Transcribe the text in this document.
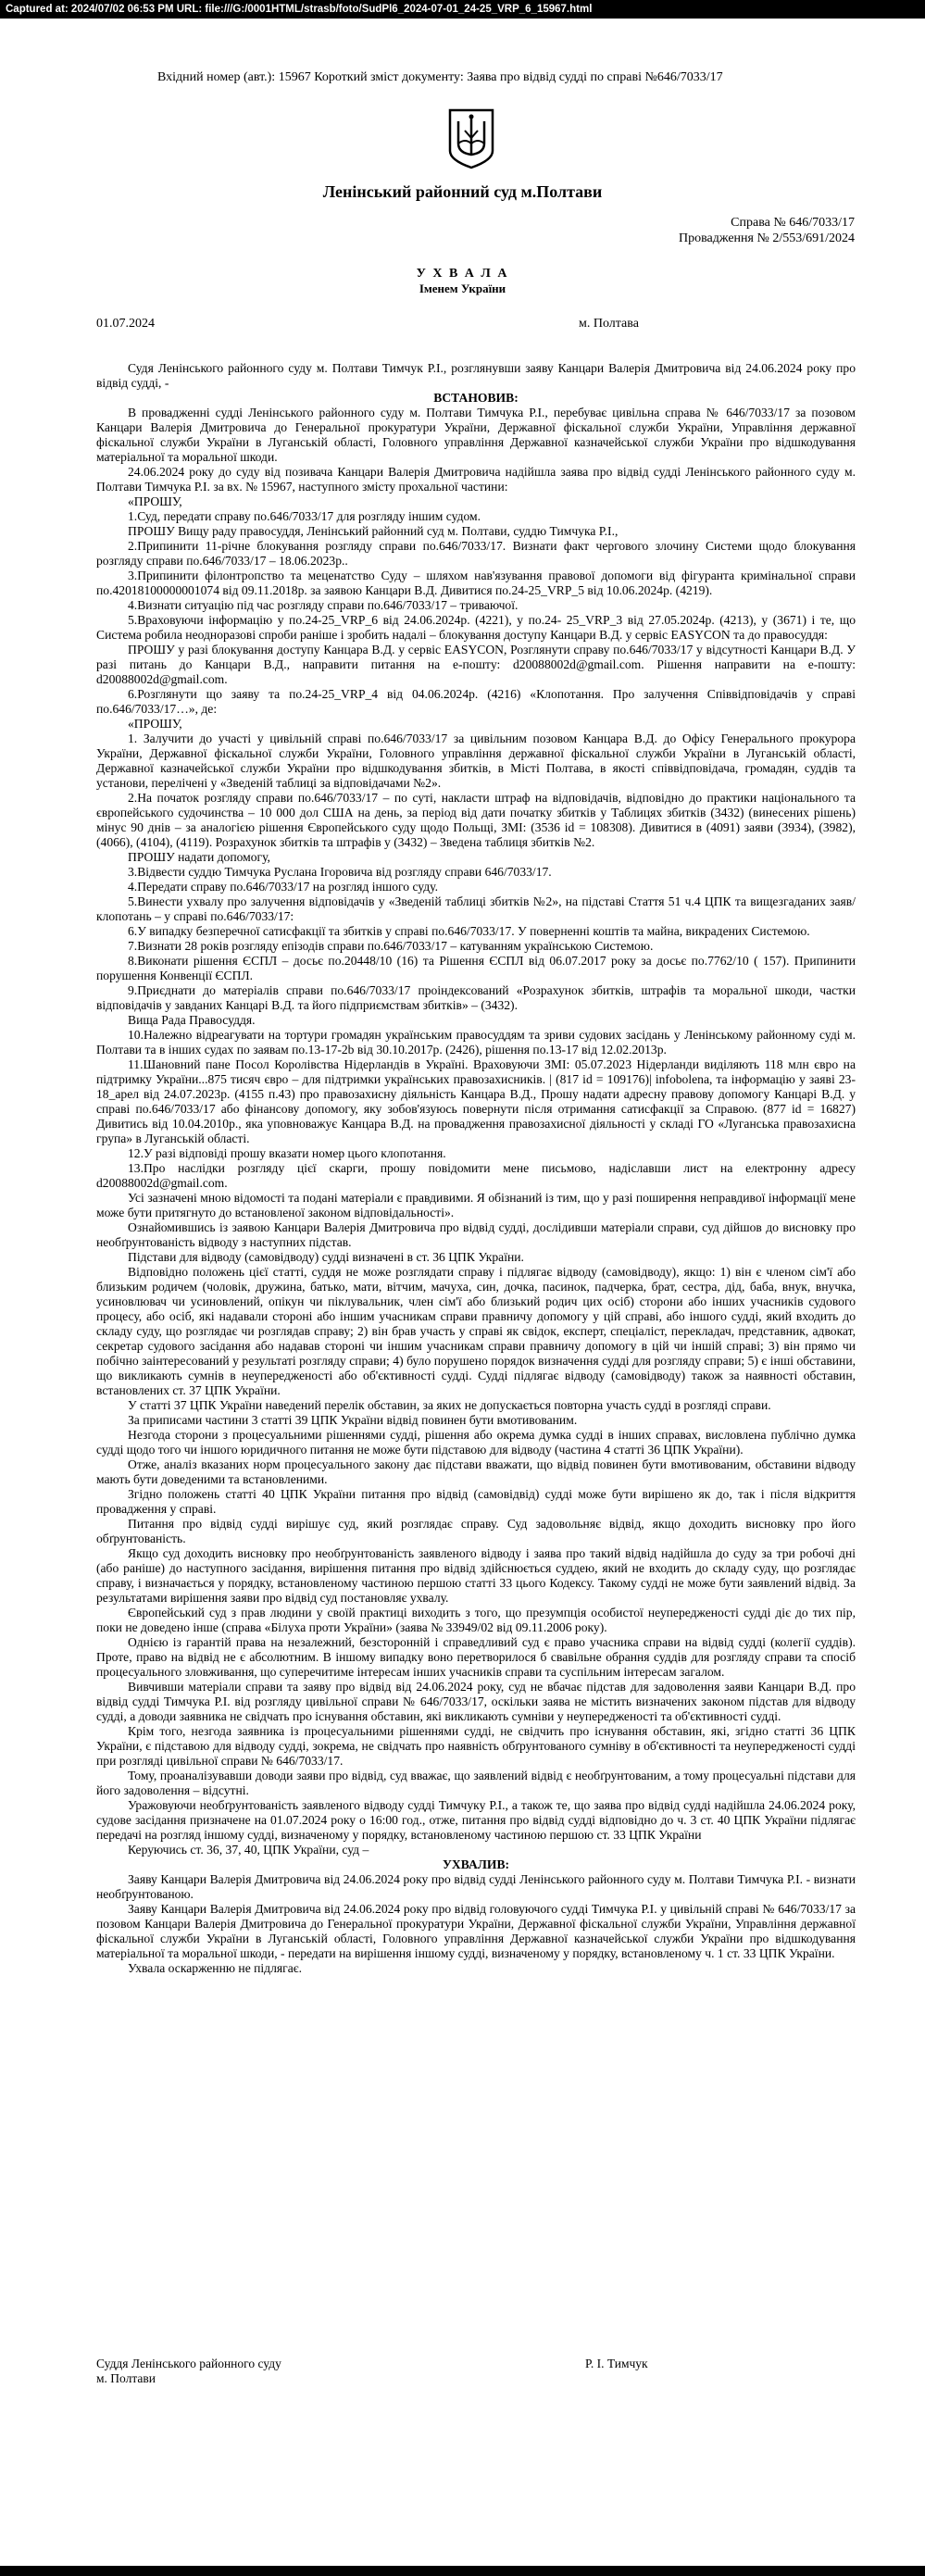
Captured at: 2024/07/02 06:53 PM URL: file:///G:/0001HTML/strasb/foto/SudPl6_2024-07-01_24-25_VRP_6_15967.html
Вхідний номер (авт.): 15967 Короткий зміст документу: Заява про відвід судді по справі №646/7033/17
Ленінський районний суд м.Полтави
Справа № 646/7033/17
Провадження № 2/553/691/2024
У Х В А Л А
Іменем України
01.07.2024	м. Полтава

Судя Ленінського районного суду м. Полтави Тимчук Р.І., розглянувши заяву Канцари Валерія Дмитровича від 24.06.2024 року про відвід судді, -

ВСТАНОВИВ:

В провадженні судді Ленінського районного суду м. Полтави Тимчука Р.І., перебуває цивільна справа № 646/7033/17 за позовом Канцари Валерія Дмитровича до Генеральної прокуратури України, Державної фіскальної служби України, Управління державної фіскальної служби України в Луганській області, Головного управління Державної казначейської служби України про відшкодування матеріальної та моральної шкоди.

24.06.2024 року до суду від позивача Канцари Валерія Дмитровича надійшла заява про відвід судді Ленінського районного суду м. Полтави Тимчука Р.І. за вх. № 15967, наступного змісту прохальної частини:

«ПРОШУ,

1.Суд, передати справу по.646/7033/17 для розгляду іншим судом.

ПРОШУ Вищу раду правосуддя, Ленінський районний суд м. Полтави, суддю Тимчука Р.І.,

2.Припинити 11-річне блокування розгляду справи по.646/7033/17. Визнати факт чергового злочину Системи щодо блокування розгляду справи по.646/7033/17 – 18.06.2023р..

3.Припинити філонтропство та меценатство Суду – шляхом нав'язування правової допомоги від фігуранта кримінальної справи по.42018100000001074 від 09.11.2018р. за заявою Канцари В.Д. Дивитися по.24-25_VRP_5 від 10.06.2024р. (4219).

4.Визнати ситуацію під час розгляду справи по.646/7033/17 – триваючої.

5.Враховуючи інформацію у по.24-25_VRP_6 від 24.06.2024р. (4221), у по.24- 25_VRP_3 від 27.05.2024р. (4213), у (3671) і те, що Система робила неодноразові спроби раніше і зробить надалі – блокування доступу Канцари В.Д. у сервіс EASYCON та до правосуддя:

ПРОШУ у разі блокування доступу Канцара В.Д. у сервіс EASYCON, Розглянути справу по.646/7033/17 у відсутності Канцари В.Д. У разі питань до Канцари В.Д., направити питання на e-пошту: d20088002d@gmail.com. Рішення направити на e-пошту: d20088002d@gmail.com.

6.Розглянути що заяву та по.24-25_VRP_4 від 04.06.2024р. (4216) «Клопотання. Про залучення Співвідповідачів у справі по.646/7033/17…», де:

«ПРОШУ,

1. Залучити до участі у цивільній справі по.646/7033/17 за цивільним позовом Канцара В.Д. до Офісу Генерального прокурора України, Державної фіскальної служби України, Головного управління державної фіскальної служби України в Луганській області, Державної казначейської служби України про відшкодування збитків, в Місті Полтава, в якості співвідповідача, громадян, суддів та установи, перелічені у «Зведеній таблиці за відповідачами №2».

2.На початок розгляду справи по.646/7033/17 – по суті, накласти штраф на відповідачів, відповідно до практики національного та європейського судочинства – 10 000 дол США на день, за період від дати початку збитків у Таблицях збитків (3432) (винесених рішень) мінус 90 днів – за аналогією рішення Європейського суду щодо Польщі, ЗМІ: (3536 id = 108308). Дивитися в (4091) заяви (3934), (3982), (4066), (4104), (4119). Розрахунок збитків та штрафів у (3432) – Зведена таблиця збитків №2.

ПРОШУ надати допомогу,

3.Відвести суддю Тимчука Руслана Ігоровича від розгляду справи 646/7033/17.

4.Передати справу по.646/7033/17 на розгляд іншого суду.

5.Винести ухвалу про залучення відповідачів у «Зведеній таблиці збитків №2», на підставі Стаття 51 ч.4 ЦПК та вищезгаданих заяв/клопотань – у справі по.646/7033/17:

6.У випадку безперечної сатисфакції та збитків у справі по.646/7033/17. У поверненні коштів та майна, викрадених Системою.

7.Визнати 28 років розгляду епізодів справи по.646/7033/17 – катуванням українською Системою.

8.Виконати рішення ЄСПЛ – досьє по.20448/10 (16) та Рішення ЄСПЛ від 06.07.2017 року за досьє по.7762/10 ( 157). Припинити порушення Конвенції ЄСПЛ.

9.Приєднати до матеріалів справи по.646/7033/17 проіндексований «Розрахунок збитків, штрафів та моральної шкоди, частки відповідачів у завданих Канцарі В.Д. та його підприємствам збитків» – (3432).

Вища Рада Правосуддя.

10.Належно відреагувати на тортури громадян українським правосуддям та зриви судових засідань у Ленінському районному суді м. Полтави та в інших судах по заявам по.13-17-2b від 30.10.2017р. (2426), рішення по.13-17 від 12.02.2013р.

11.Шановний пане Посол Королівства Нідерландів в Україні. Враховуючи ЗМІ: 05.07.2023 Нідерланди виділяють 118 млн євро на підтримку України...875 тисяч євро – для підтримки українських правозахисників. | (817 id = 109176)| infobolena, та інформацію у заяві 23-18_арел від 24.07.2023р. (4155 п.43) про правозахисну діяльність Канцара В.Д., Прошу надати адресну правову допомогу Канцарі В.Д. у справі по.646/7033/17 або фінансову допомогу, яку зобов'язуюсь повернути після отримання сатисфакції за Справою. (877 id = 16827) Дивитись від 10.04.2010р., яка уповноважує Канцара В.Д. на провадження правозахисної діяльності у складі ГО «Луганська правозахисна група» в Луганській області.

12.У разі відповіді прошу вказати номер цього клопотання.

13.Про наслідки розгляду цієї скарги, прошу повідомити мене письмово, надіславши лист на електронну адресу d20088002d@gmail.com.

Усі зазначені мною відомості та подані матеріали є правдивими. Я обізнаний із тим, що у разі поширення неправдивої інформації мене може бути притягнуто до встановленої законом відповідальності».

Ознайомившись із заявою Канцари Валерія Дмитровича про відвід судді, дослідивши матеріали справи, суд дійшов до висновку про необґрунтованість відводу з наступних підстав.

Підстави для відводу (самовідводу) судді визначені в ст. 36 ЦПК України.

Відповідно положень цієї статті, суддя не може розглядати справу і підлягає відводу (самовідводу), якщо: 1) він є членом сім'ї або близьким родичем (чоловік, дружина, батько, мати, вітчим, мачуха, син, дочка, пасинок, падчерка, брат, сестра, дід, баба, внук, внучка, усиновлювач чи усиновлений, опікун чи піклувальник, член сім'ї або близький родич цих осіб) сторони або інших учасників судового процесу, або осіб, які надавали стороні або іншим учасникам справи правничу допомогу у цій справі, або іншого судді, який входить до складу суду, що розглядає чи розглядав справу; 2) він брав участь у справі як свідок, експерт, спеціаліст, перекладач, представник, адвокат, секретар судового засідання або надавав стороні чи іншим учасникам справи правничу допомогу в цій чи іншій справі; 3) він прямо чи побічно заінтересований у результаті розгляду справи; 4) було порушено порядок визначення судді для розгляду справи; 5) є інші обставини, що викликають сумнів в неупередженості або об'єктивності судді. Судді підлягає відводу (самовідводу) також за наявності обставин, встановлених ст. 37 ЦПК України.

У статті 37 ЦПК України наведений перелік обставин, за яких не допускається повторна участь судді в розгляді справи.

За приписами частини 3 статті 39 ЦПК України відвід повинен бути вмотивованим.

Незгода сторони з процесуальними рішеннями судді, рішення або окрема думка судді в інших справах, висловлена публічно думка судді щодо того чи іншого юридичного питання не може бути підставою для відводу (частина 4 статті 36 ЦПК України).

Отже, аналіз вказаних норм процесуального закону дає підстави вважати, що відвід повинен бути вмотивованим, обставини відводу мають бути доведеними та встановленими.

Згідно положень статті 40 ЦПК України питання про відвід (самовідвід) судді може бути вирішено як до, так і після відкриття провадження у справі.

Питання про відвід судді вирішує суд, який розглядає справу. Суд задовольняє відвід, якщо доходить висновку про його обґрунтованість.

Якщо суд доходить висновку про необґрунтованість заявленого відводу і заява про такий відвід надійшла до суду за три робочі дні (або раніше) до наступного засідання, вирішення питання про відвід здійснюється суддею, який не входить до складу суду, що розглядає справу, і визначається у порядку, встановленому частиною першою статті 33 цього Кодексу. Такому судді не може бути заявлений відвід. За результатами вирішення заяви про відвід суд постановляє ухвалу.

Європейський суд з прав людини у своїй практиці виходить з того, що презумпція особистої неупередженості судді діє до тих пір, поки не доведено інше (справа «Білуха проти України» (заява № 33949/02 від 09.11.2006 року).

Однією із гарантій права на незалежний, безсторонній і справедливий суд є право учасника справи на відвід судді (колегії суддів). Проте, право на відвід не є абсолютним. В іншому випадку воно перетворилося б свавільне обрання суддів для розгляду справи та спосіб процесуального зловживання, що суперечитиме інтересам інших учасників справи та суспільним інтересам загалом.

Вивчивши матеріали справи та заяву про відвід від 24.06.2024 року, суд не вбачає підстав для задоволення заяви Канцари В.Д. про відвід судді Тимчука Р.І. від розгляду цивільної справи № 646/7033/17, оскільки заява не містить визначених законом підстав для відводу судді, а доводи заявника не свідчать про існування обставин, які викликають сумніви у неупередженості та об'єктивності судді.

Крім того, незгода заявника із процесуальними рішеннями судді, не свідчить про існування обставин, які, згідно статті 36 ЦПК України, є підставою для відводу судді, зокрема, не свідчать про наявність обґрунтованого сумніву в об'єктивності та неупередженості судді при розгляді цивільної справи № 646/7033/17.

Тому, проаналізувавши доводи заяви про відвід, суд вважає, що заявлений відвід є необґрунтованим, а тому процесуальні підстави для його задоволення – відсутні.

Уражовуючи необґрунтованість заявленого відводу судді Тимчуку Р.І., а також те, що заява про відвід судді надійшла 24.06.2024 року, судове засідання призначене на 01.07.2024 року о 16:00 год., отже, питання про відвід судді відповідно до ч. 3 ст. 40 ЦПК України підлягає передачі на розгляд іншому судді, визначеному у порядку, встановленому частиною першою ст. 33 ЦПК України

Керуючись ст. 36, 37, 40, ЦПК України, суд –

УХВАЛИВ:

Заяву Канцари Валерія Дмитровича від 24.06.2024 року про відвід судді Ленінського районного суду м. Полтави Тимчука Р.І. - визнати необґрунтованою.

Заяву Канцари Валерія Дмитровича від 24.06.2024 року про відвід головуючого судді Тимчука Р.І. у цивільній справі № 646/7033/17 за позовом Канцари Валерія Дмитровича до Генеральної прокуратури України, Державної фіскальної служби України, Управління державної фіскальної служби України в Луганській області, Головного управління Державної казначейської служби України про відшкодування матеріальної та моральної шкоди, - передати на вирішення іншому судді, визначеному у порядку, встановленому ч. 1 ст. 33 ЦПК України.

Ухвала оскарженню не підлягає.

Суддя Ленінського районного суду
м. Полтави
Р. І. Тимчук
